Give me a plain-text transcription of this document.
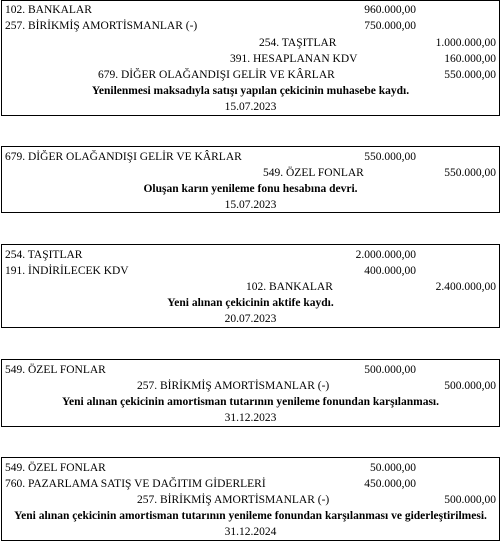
102. BANKALAR	960.000,00
257. BİRİKMİŞ AMORTİSMANLAR (-)	750.000,00
254. TAŞITLAR	1.000.000,00
391. HESAPLANAN KDV	160.000,00
679. DİĞER OLAĞANDIŞI GELİR VE KÂRLAR	550.000,00
Yenilenmesi maksadıyla satışı yapılan çekicinin muhasebe kaydı.
15.07.2023
679. DİĞER OLAĞANDIŞI GELİR VE KÂRLAR	550.000,00
549. ÖZEL FONLAR	550.000,00
Oluşan karın yenileme fonu hesabına devri.
15.07.2023
254. TAŞITLAR	2.000.000,00
191. İNDİRİLECEK KDV	400.000,00
102. BANKALAR	2.400.000,00
Yeni alınan çekicinin aktife kaydı.
20.07.2023
549. ÖZEL FONLAR	500.000,00
257. BİRİKMİŞ AMORTİSMANLAR (-)	500.000,00
Yeni alınan çekicinin amortisman tutarının yenileme fonundan karşılanması.
31.12.2023
549. ÖZEL FONLAR	50.000,00
760. PAZARLAMA SATIŞ VE DAĞITIM GİDERLERİ	450.000,00
257. BİRİKMİŞ AMORTİSMANLAR (-)	500.000,00
Yeni alınan çekicinin amortisman tutarının yenileme fonundan karşılanması ve giderleştirilmesi.
31.12.2024
